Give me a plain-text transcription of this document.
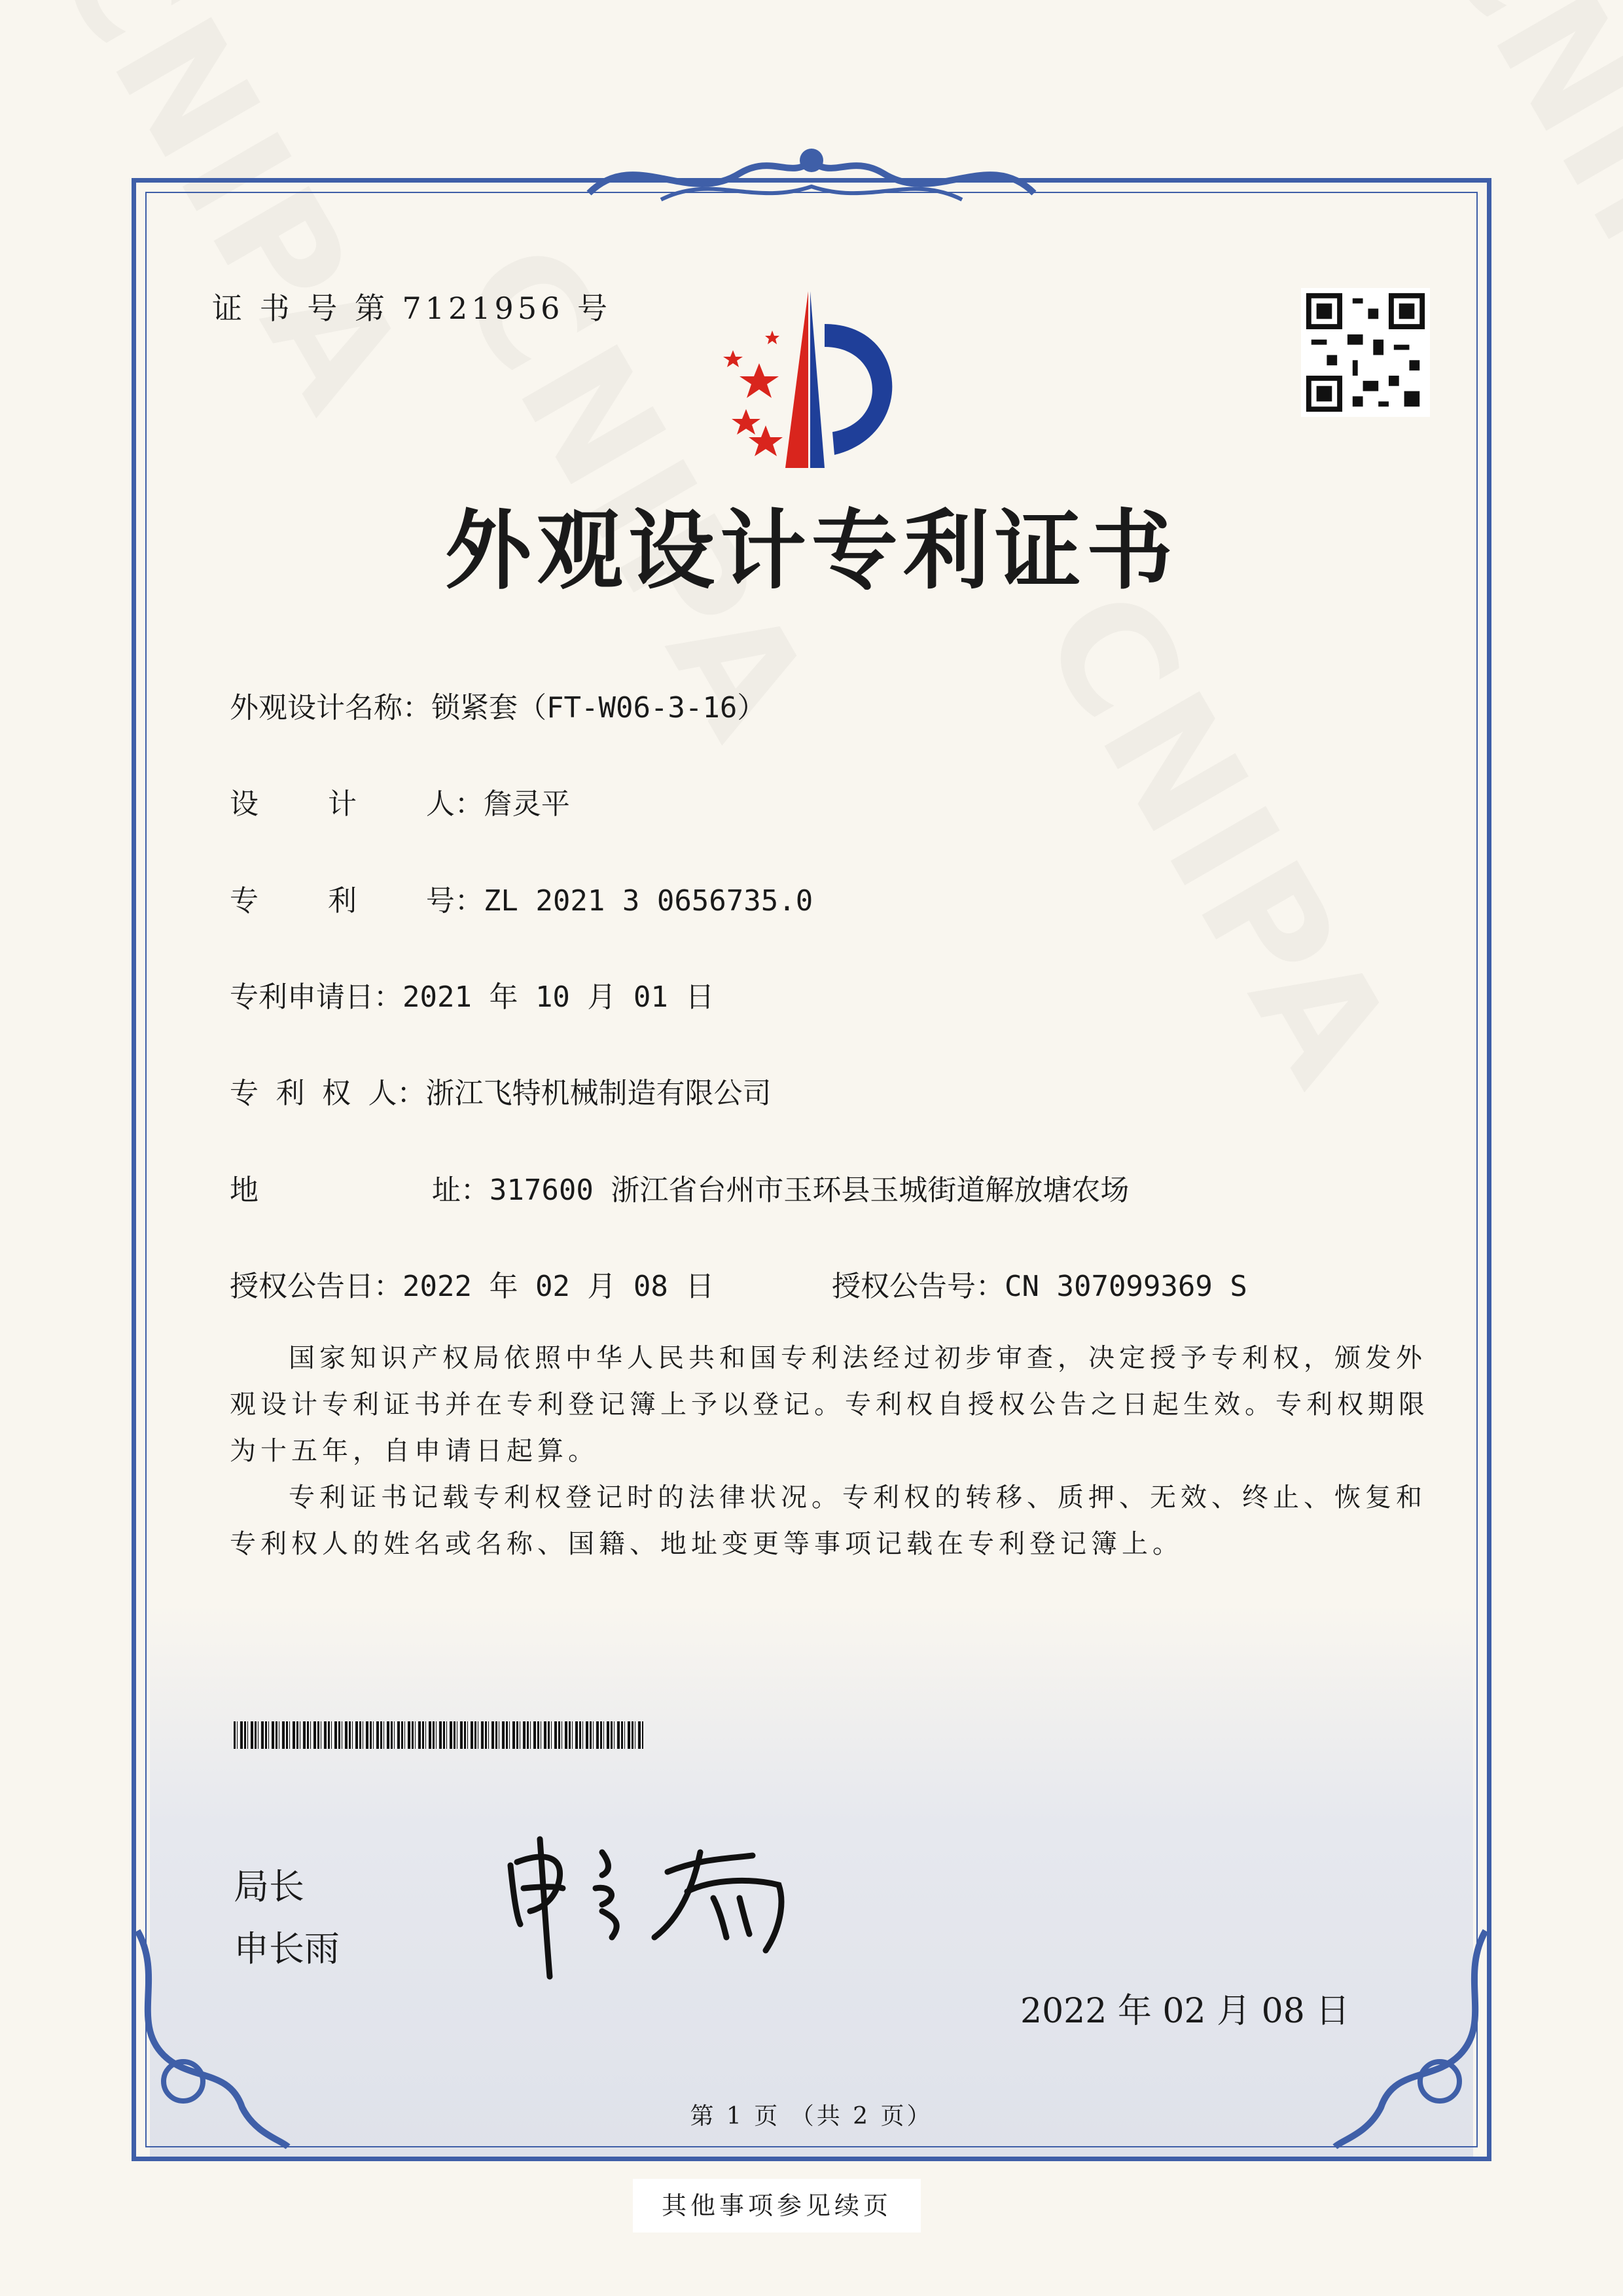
证 书 号 第 7121956 号
外观设计专利证书
外观设计名称：锁紧套（FT-W06-3-16）
设    计    人：詹灵平
专    利    号：ZL 2021 3 0656735.0
专利申请日：2021 年 10 月 01 日
专 利 权 人：浙江飞特机械制造有限公司
地          址：317600 浙江省台州市玉环县玉城街道解放塘农场
授权公告日：2022 年 02 月 08 日	授权公告号：CN 307099369 S

国家知识产权局依照中华人民共和国专利法经过初步审查，决定授予专利权，颁发外观设计专利证书并在专利登记簿上予以登记。专利权自授权公告之日起生效。专利权期限为十五年，自申请日起算。

专利证书记载专利权登记时的法律状况。专利权的转移、质押、无效、终止、恢复和专利权人的姓名或名称、国籍、地址变更等事项记载在专利登记簿上。

局长
申长雨
2022 年 02 月 08 日
第 1 页 （共 2 页）
其他事项参见续页
